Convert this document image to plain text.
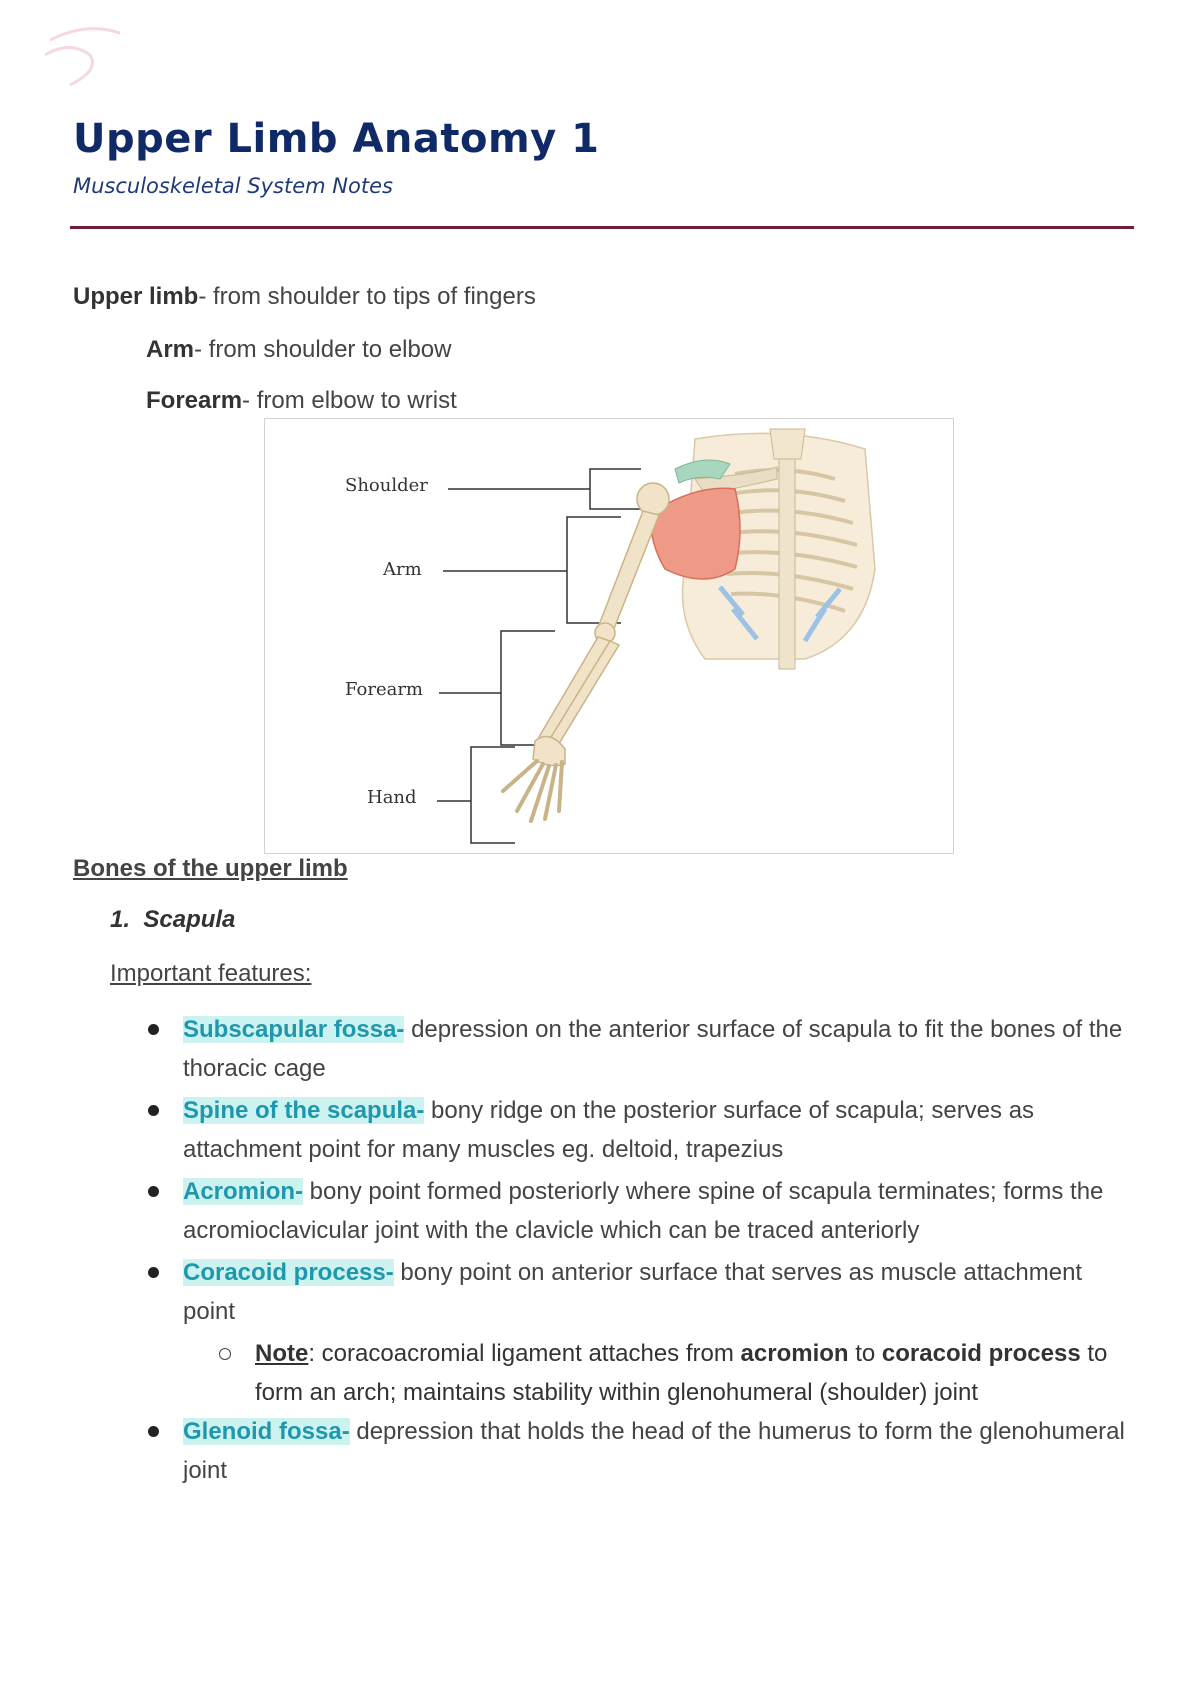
Upper Limb Anatomy 1
Musculoskeletal System Notes
Upper limb- from shoulder to tips of fingers
Arm- from shoulder to elbow
Forearm- from elbow to wrist
Shoulder
Arm
Forearm
Hand
Bones of the upper limb
1. Scapula
Important features:
Subscapular fossa- depression on the anterior surface of scapula to fit the bones of the thoracic cage
Spine of the scapula- bony ridge on the posterior surface of scapula; serves as attachment point for many muscles eg. deltoid, trapezius
Acromion- bony point formed posteriorly where spine of scapula terminates; forms the acromioclavicular joint with the clavicle which can be traced anteriorly
Coracoid process- bony point on anterior surface that serves as muscle attachment point
Note: coracoacromial ligament attaches from acromion to coracoid process to form an arch; maintains stability within glenohumeral (shoulder) joint
Glenoid fossa- depression that holds the head of the humerus to form the glenohumeral joint
